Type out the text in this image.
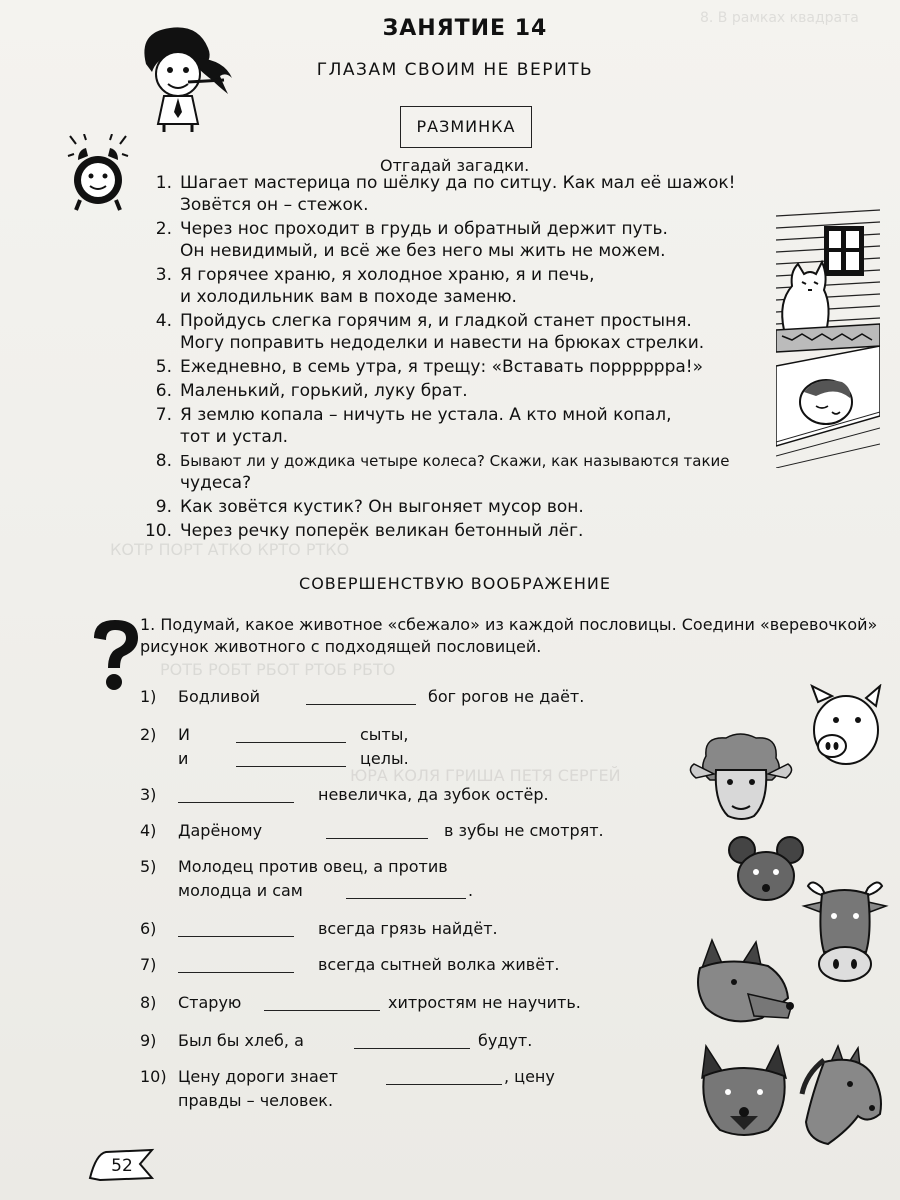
8. В рамках квадрата
КОТР ПОРТ АТКО КРТО РТКО
РОТБ РОБТ РБОТ РТОБ РБТО
ЮРА КОЛЯ ГРИША ПЕТЯ СЕРГЕЙ
ЗАНЯТИЕ 14
ГЛАЗАМ СВОИМ НЕ ВЕРИТЬ
РАЗМИНКА
Отгадай загадки.
1. Шагает мастерица по шёлку да по ситцу. Как мал её шажок!
Зовётся он – стежок.
2. Через нос проходит в грудь и обратный держит путь.
Он невидимый, и всё же без него мы жить не можем.
3. Я горячее храню, я холодное храню, я и печь,
и холодильник вам в походе заменю.
4. Пройдусь слегка горячим я, и гладкой станет простыня.
Могу поправить недоделки и навести на брюках стрелки.
5. Ежедневно, в семь утра, я трещу: «Вставать порррррра!»
6. Маленький, горький, луку брат.
7. Я землю копала – ничуть не устала. А кто мной копал,
тот и устал.
8. Бывают ли у дождика четыре колеса? Скажи, как называются такие
чудеса?
9. Как зовётся кустик? Он выгоняет мусор вон.
10. Через речку поперёк великан бетонный лёг.
СОВЕРШЕНСТВУЮ ВООБРАЖЕНИЕ
1. Подумай, какое животное «сбежало» из каждой пословицы. Соедини «веревочкой» рисунок животного с подходящей пословицей.
1)	Бодливой	бог рогов не даёт.
2)	И	сыты,
и	целы.
3)	невеличка, да зубок остёр.
4)	Дарёному	в зубы не смотрят.
5)	Молодец против овец, а против
молодца и сам	.
6)	всегда грязь найдёт.
7)	всегда сытней волка живёт.
8)	Старую	хитростям не научить.
9)	Был бы хлеб, а	будут.
10) Цену дороги знает	, цену
правды – человек.
52
